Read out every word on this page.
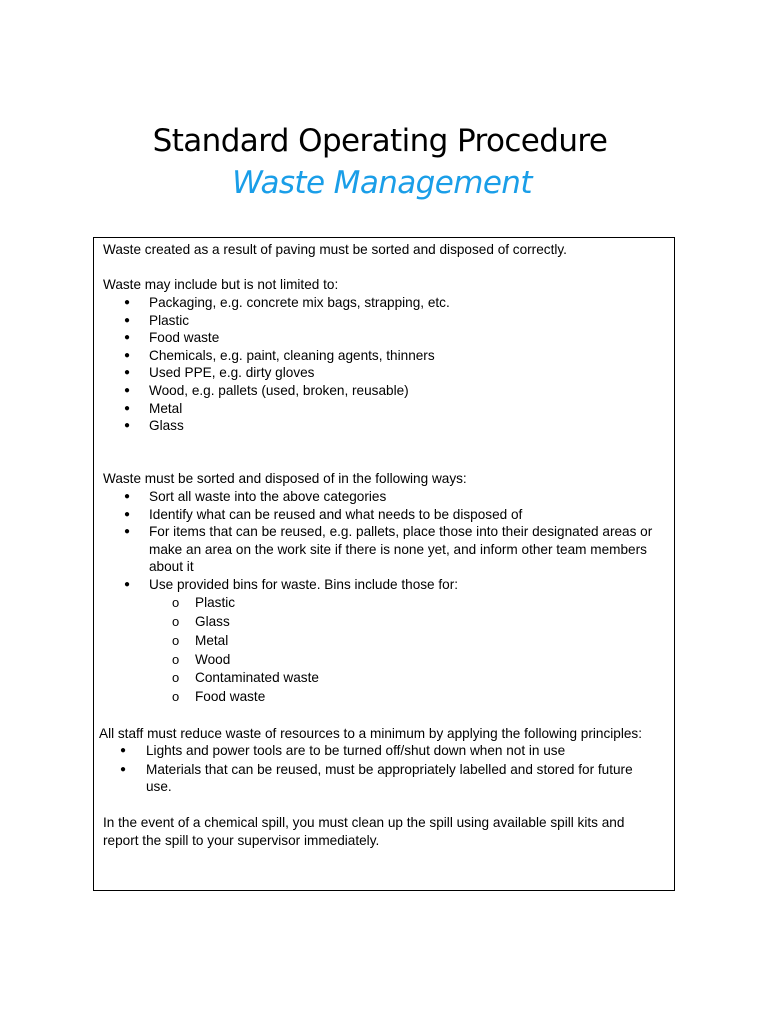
Standard Operating Procedure
Waste Management
Waste created as a result of paving must be sorted and disposed of correctly.
Waste may include but is not limited to:
● Packaging, e.g. concrete mix bags, strapping, etc.
● Plastic
● Food waste
● Chemicals, e.g. paint, cleaning agents, thinners
● Used PPE, e.g. dirty gloves
● Wood, e.g. pallets (used, broken, reusable)
● Metal
● Glass
Waste must be sorted and disposed of in the following ways:
● Sort all waste into the above categories
● Identify what can be reused and what needs to be disposed of
● For items that can be reused, e.g. pallets, place those into their designated areas or
make an area on the work site if there is none yet, and inform other team members
about it
● Use provided bins for waste. Bins include those for:
o Plastic
o Glass
o Metal
o Wood
o Contaminated waste
o Food waste
All staff must reduce waste of resources to a minimum by applying the following principles:
● Lights and power tools are to be turned off/shut down when not in use
● Materials that can be reused, must be appropriately labelled and stored for future
use.
In the event of a chemical spill, you must clean up the spill using available spill kits and
report the spill to your supervisor immediately.
